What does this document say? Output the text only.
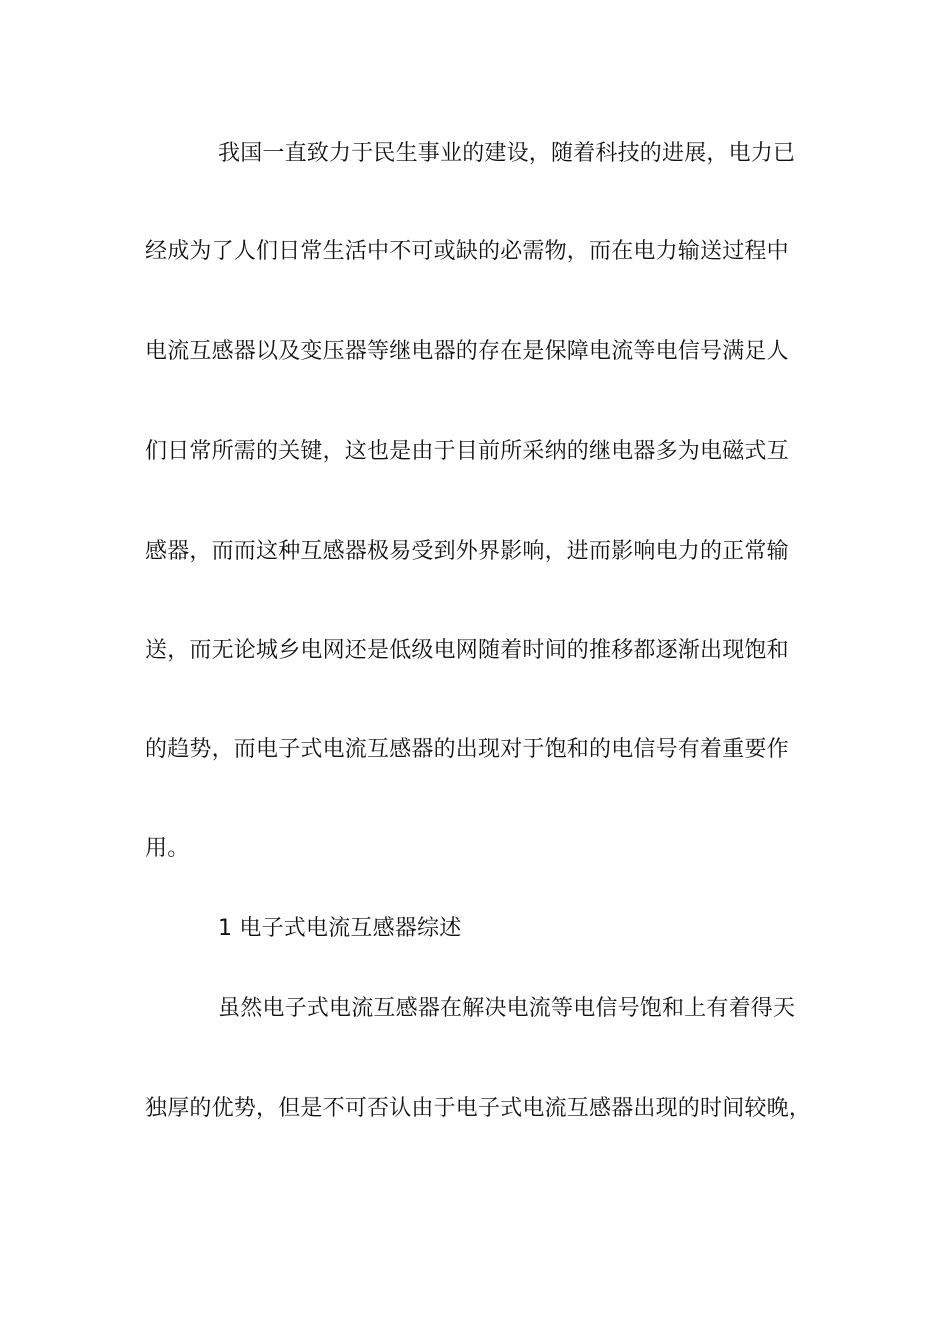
我国一直致力于民生事业的建设，随着科技的进展，电力已
经成为了人们日常生活中不可或缺的必需物，而在电力输送过程中
电流互感器以及变压器等继电器的存在是保障电流等电信号满足人
们日常所需的关键，这也是由于目前所采纳的继电器多为电磁式互
感器，而而这种互感器极易受到外界影响，进而影响电力的正常输
送，而无论城乡电网还是低级电网随着时间的推移都逐渐出现饱和
的趋势，而电子式电流互感器的出现对于饱和的电信号有着重要作
用。
1 电子式电流互感器综述
虽然电子式电流互感器在解决电流等电信号饱和上有着得天
独厚的优势，但是不可否认由于电子式电流互感器出现的时间较晚，
